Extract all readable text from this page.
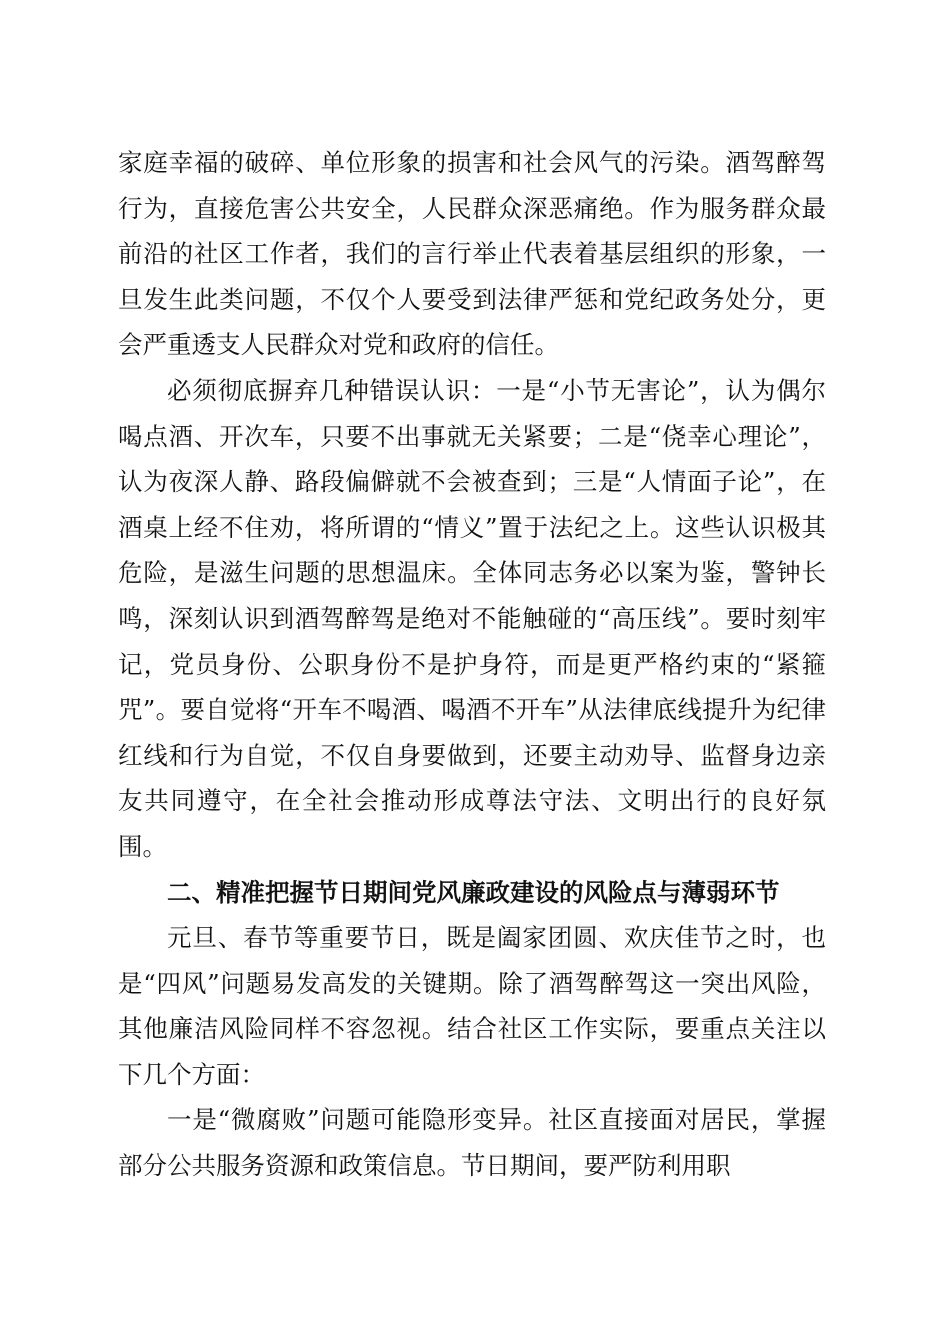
家庭幸福的破碎、单位形象的损害和社会风气的污染。酒驾醉驾行为，直接危害公共安全，人民群众深恶痛绝。作为服务群众最前沿的社区工作者，我们的言行举止代表着基层组织的形象，一旦发生此类问题，不仅个人要受到法律严惩和党纪政务处分，更会严重透支人民群众对党和政府的信任。

必须彻底摒弃几种错误认识：一是“小节无害论”，认为偶尔喝点酒、开次车，只要不出事就无关紧要；二是“侥幸心理论”，认为夜深人静、路段偏僻就不会被查到；三是“人情面子论”，在酒桌上经不住劝，将所谓的“情义”置于法纪之上。这些认识极其危险，是滋生问题的思想温床。全体同志务必以案为鉴，警钟长鸣，深刻认识到酒驾醉驾是绝对不能触碰的“高压线”。要时刻牢记，党员身份、公职身份不是护身符，而是更严格约束的“紧箍咒”。要自觉将“开车不喝酒、喝酒不开车”从法律底线提升为纪律红线和行为自觉，不仅自身要做到，还要主动劝导、监督身边亲友共同遵守，在全社会推动形成尊法守法、文明出行的良好氛围。

二、精准把握节日期间党风廉政建设的风险点与薄弱环节

元旦、春节等重要节日，既是阖家团圆、欢庆佳节之时，也是“四风”问题易发高发的关键期。除了酒驾醉驾这一突出风险，其他廉洁风险同样不容忽视。结合社区工作实际，要重点关注以下几个方面：

一是“微腐败”问题可能隐形变异。社区直接面对居民，掌握部分公共服务资源和政策信息。节日期间，要严防利用职
